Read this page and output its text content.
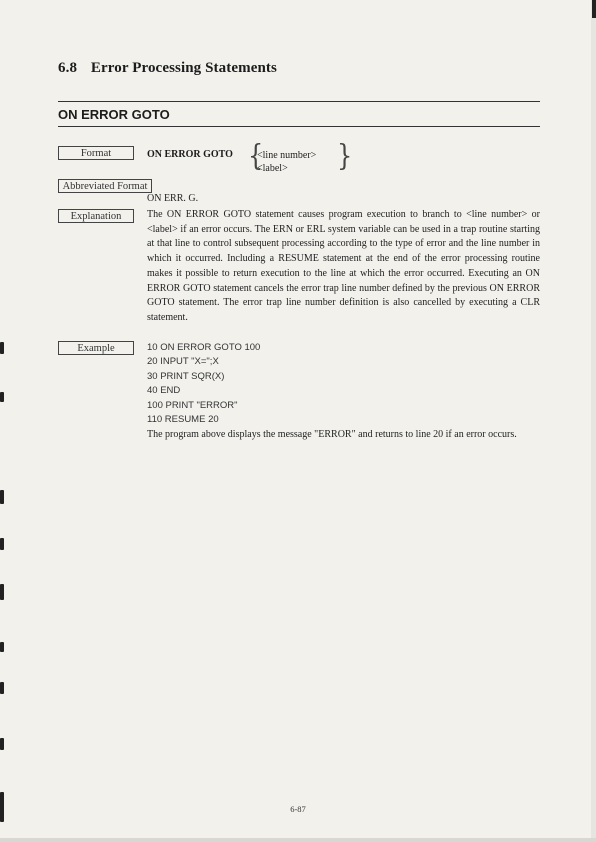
6.8 Error Processing Statements
ON ERROR GOTO
Format	ON ERROR GOTO {
<line number>
<label>	}
Abbreviated Format
ON ERR. G.
Explanation	The ON ERROR GOTO statement causes program execution to branch to <line number> or <label> if an error occurs. The ERN or ERL system variable can be used in a trap routine starting at that line to control subsequent processing according to the type of error and the line number in which it occurred. Including a RESUME statement at the end of the error processing routine makes it possible to return execution to the line at which the error occurred. Executing an ON ERROR GOTO statement cancels the error trap line number defined by the previous ON ERROR GOTO statement. The error trap line number definition is also cancelled by executing a CLR statement.
Example	10 ON ERROR GOTO 100
20 INPUT "X=";X
30 PRINT SQR(X)
40 END
100 PRINT "ERROR"
110 RESUME 20
The program above displays the message "ERROR" and returns to line 20 if an error occurs.
6-87
